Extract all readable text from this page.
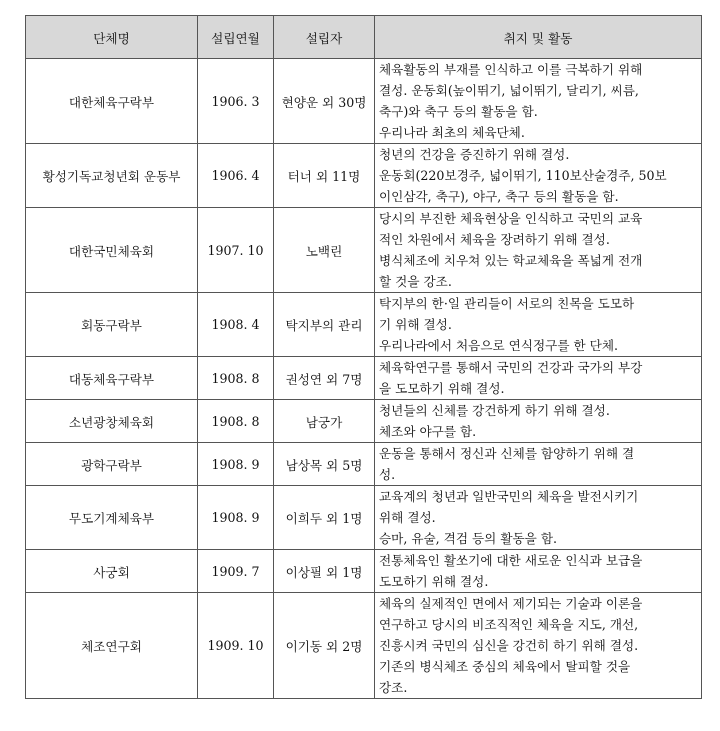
단체명	설립연월	설립자	취지 및 활동
대한체육구락부	1906. 3	현양운 외 30명	체육활동의 부재를 인식하고 이를 극복하기 위해
결성. 운동회(높이뛰기, 넓이뛰기, 달리기, 씨름,
축구)와 축구 등의 활동을 함.
우리나라 최초의 체육단체.

황성기독교청년회 운동부	1906. 4	터너 외 11명	청년의 건강을 증진하기 위해 결성.
운동회(220보경주, 넓이뛰기, 110보산술경주, 50보
이인삼각, 축구), 야구, 축구 등의 활동을 함.

대한국민체육회	1907. 10	노백린	당시의 부진한 체육현상을 인식하고 국민의 교육
적인 차원에서 체육을 장려하기 위해 결성.
병식체조에 치우쳐 있는 학교체육을 폭넓게 전개
할 것을 강조.

회동구락부	1908. 4	탁지부의 관리	탁지부의 한·일 관리들이 서로의 친목을 도모하
기 위해 결성.
우리나라에서 처음으로 연식정구를 한 단체.

대동체육구락부	1908. 8	권성연 외 7명	체육학연구를 통해서 국민의 건강과 국가의 부강
을 도모하기 위해 결성.

소년광창체육회	1908. 8	남궁가	청년들의 신체를 강건하게 하기 위해 결성.
체조와 야구를 함.

광학구락부	1908. 9	남상목 외 5명	운동을 통해서 정신과 신체를 함양하기 위해 결
성.

무도기계체육부	1908. 9	이희두 외 1명	교육계의 청년과 일반국민의 체육을 발전시키기
위해 결성.
승마, 유술, 격검 등의 활동을 함.

사궁회	1909. 7	이상필 외 1명	전통체육인 활쏘기에 대한 새로운 인식과 보급을
도모하기 위해 결성.

체조연구회	1909. 10	이기동 외 2명	체육의 실제적인 면에서 제기되는 기술과 이론을
연구하고 당시의 비조직적인 체육을 지도, 개선,
진흥시켜 국민의 심신을 강건히 하기 위해 결성.
기존의 병식체조 중심의 체육에서 탈피할 것을
강조.
